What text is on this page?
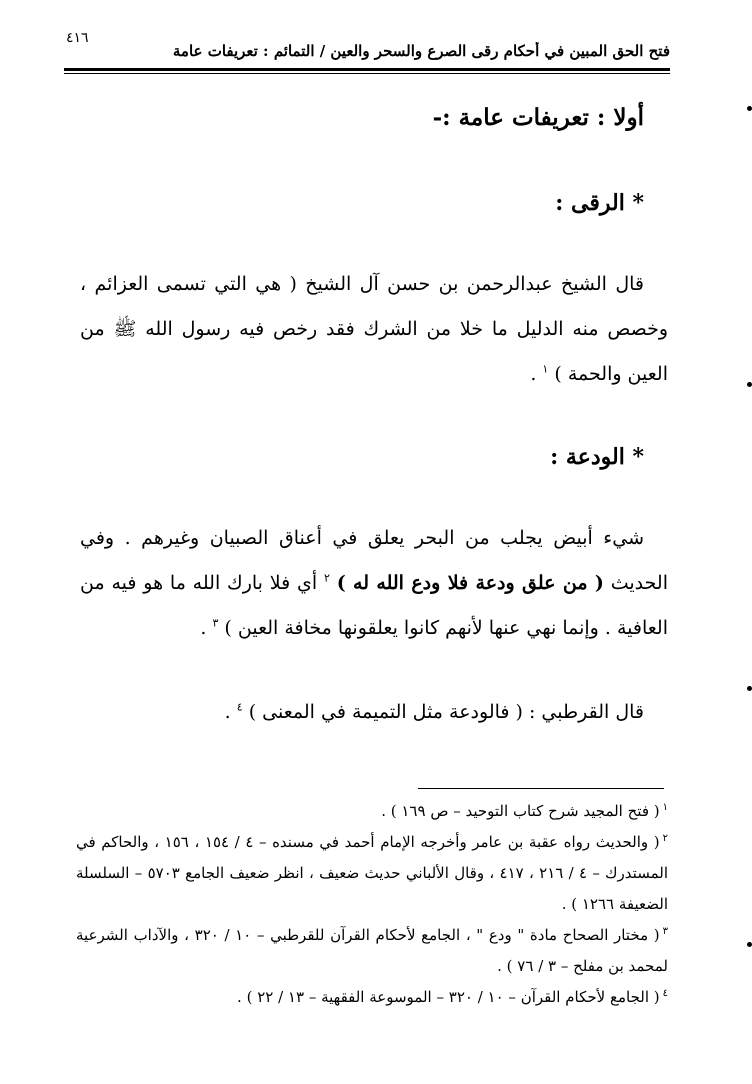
٤١٦
فتح الحق المبين في أحكام رقى الصرع والسحر والعين / التمائم : تعريفات عامة
أولا : تعريفات عامة :-
* الرقى :

قال الشيخ عبدالرحمن بن حسن آل الشيخ ( هي التي تسمى العزائم ، وخصص منه الدليل ما خلا من الشرك فقد رخص فيه رسول الله ﷺ من العين والحمة ) $^١$ .

* الودعة :

شيء أبيض يجلب من البحر يعلق في أعناق الصبيان وغيرهم . وفي الحديث ( من علق ودعة فلا ودع الله له ) $^٢$ أي فلا بارك الله ما هو فيه من العافية . وإنما نهي عنها لأنهم كانوا يعلقونها مخافة العين ) $^٣$ .

قال القرطبي : ( فالودعة مثل التميمة في المعنى ) $^٤$ .

$^١$( فتح المجيد شرح كتاب التوحيد – ص ١٦٩ ) .
$^٢$( والحديث رواه عقبة بن عامر وأخرجه الإمام أحمد في مسنده – ٤ / ١٥٤ ، ١٥٦ ، والحاكم في المستدرك – ٤ / ٢١٦ ، ٤١٧ ، وقال الألباني حديث ضعيف ، انظر ضعيف الجامع ٥٧٠٣ – السلسلة الضعيفة ١٢٦٦ ) .
$^٣$( مختار الصحاح مادة " ودع " ، الجامع لأحكام القرآن للقرطبي – ١٠ / ٣٢٠ ، والآداب الشرعية لمحمد بن مفلح – ٣ / ٧٦ ) .
$^٤$( الجامع لأحكام القرآن – ١٠ / ٣٢٠ – الموسوعة الفقهية – ١٣ / ٢٢ ) .
